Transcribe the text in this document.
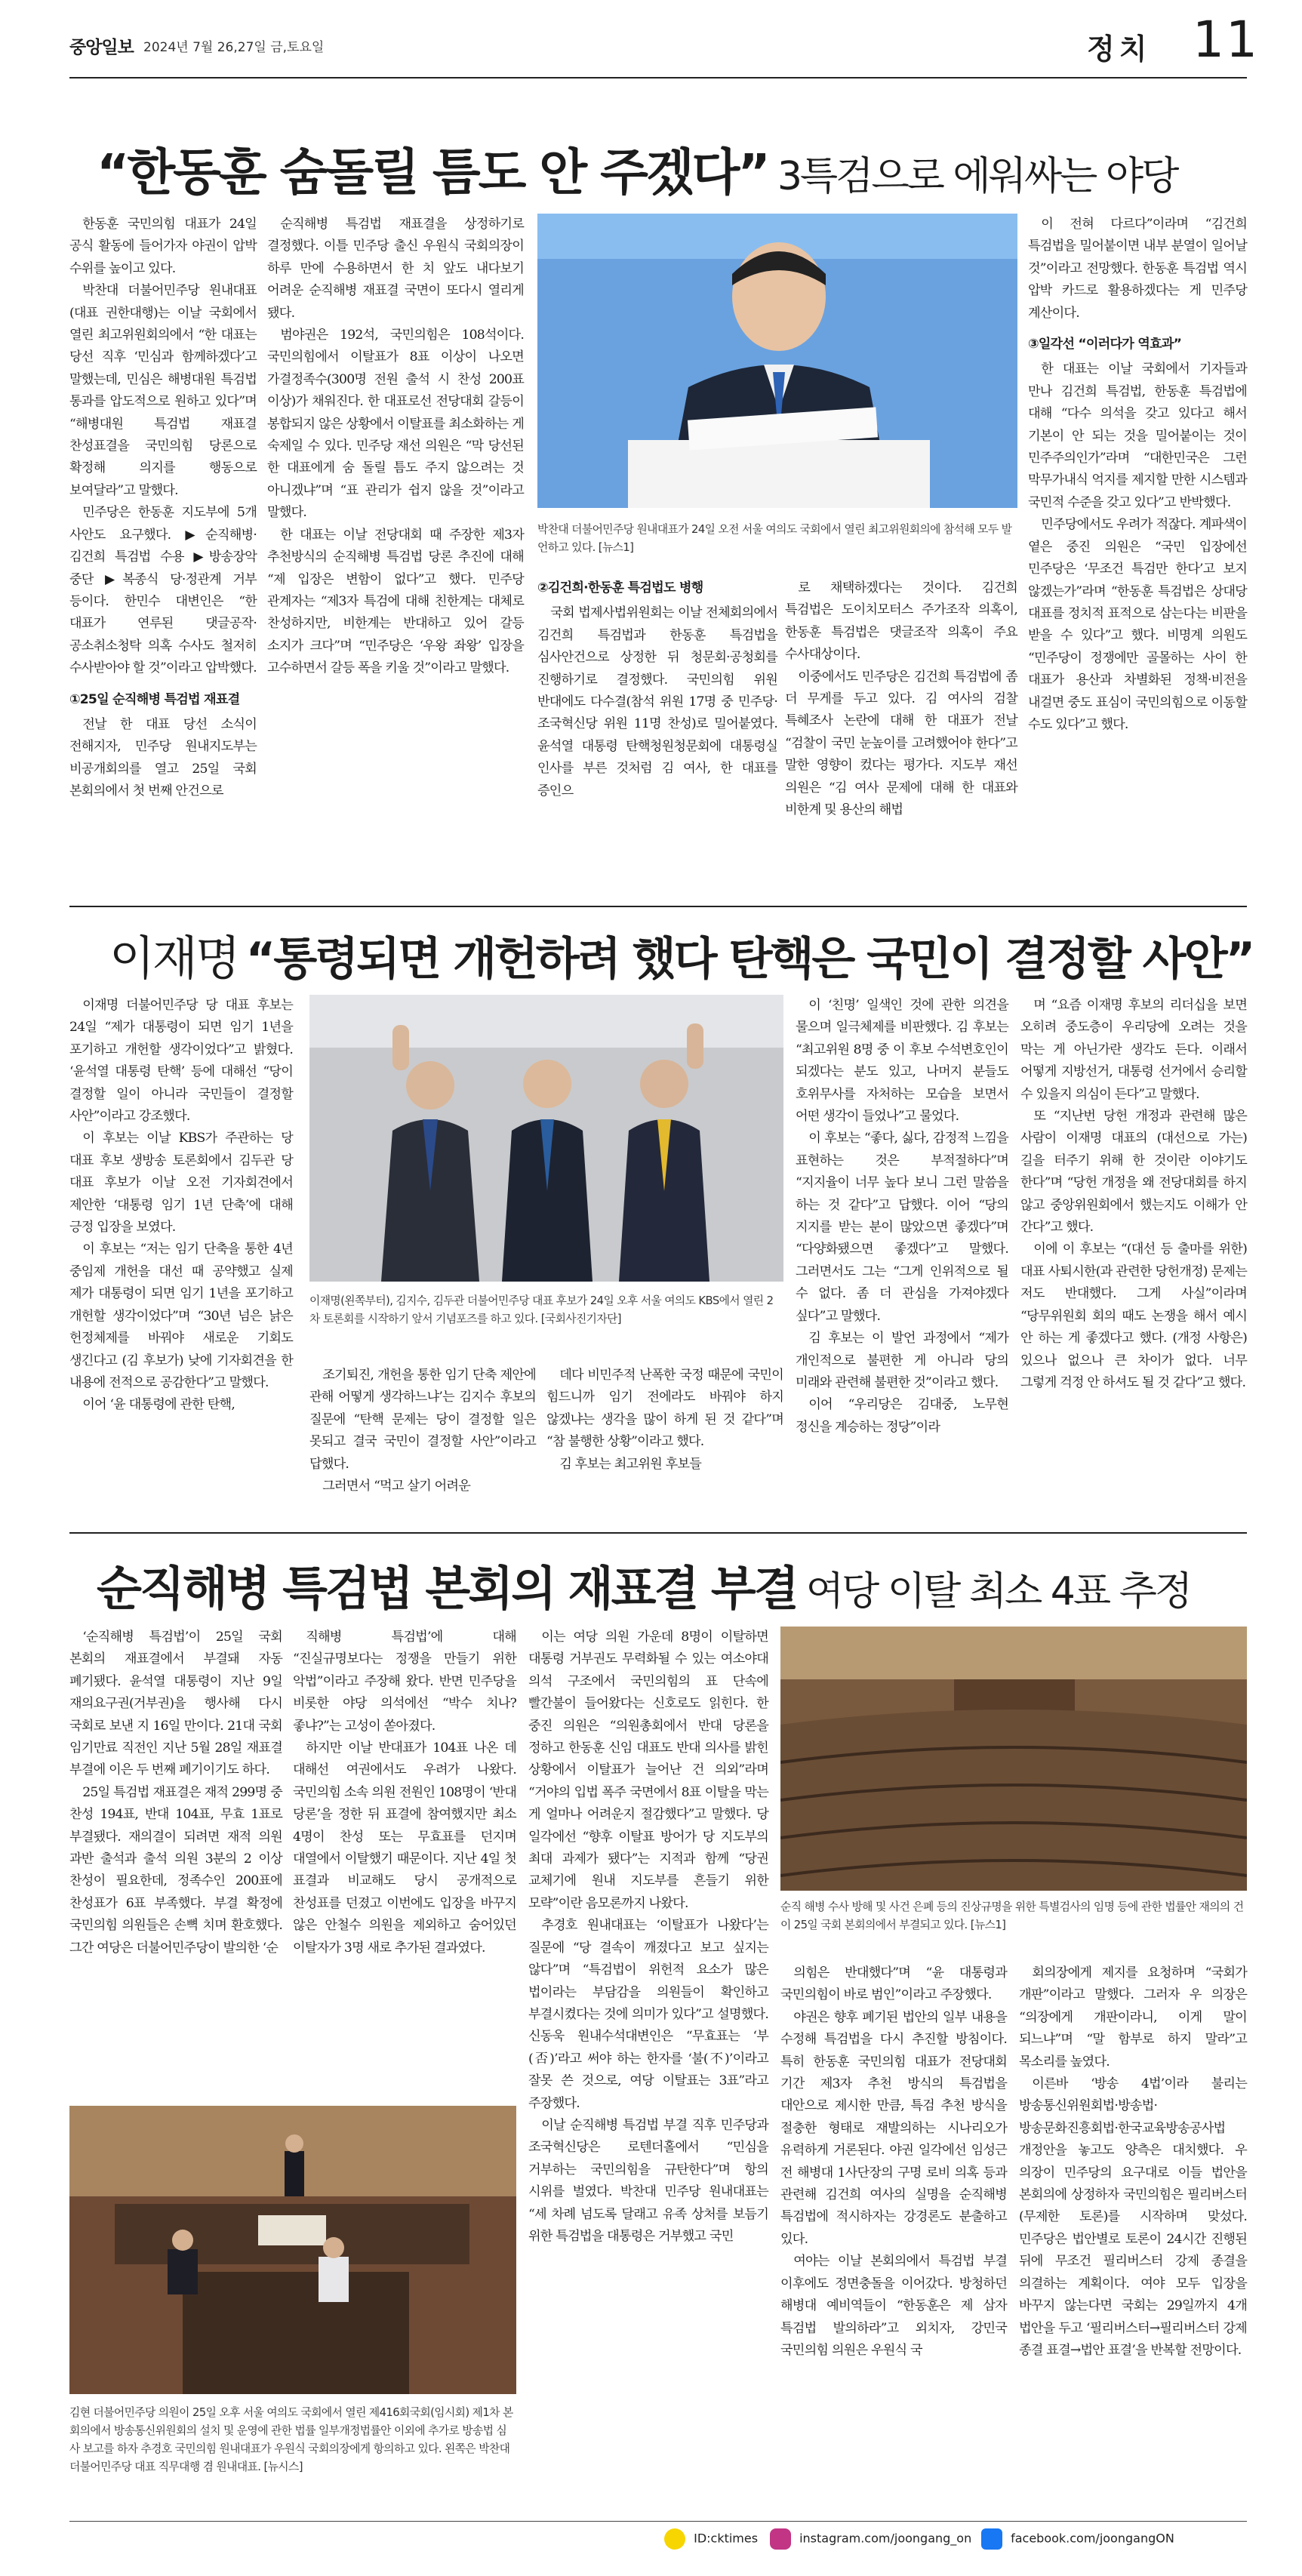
중앙일보 2024년 7월 26,27일 금,토요일	정치 11
“한동훈 숨돌릴 틈도 안 주겠다” 3특검으로 에워싸는 야당

한동훈 국민의힘 대표가 24일 공식 활동에 들어가자 야권이 압박 수위를 높이고 있다.

박찬대 더불어민주당 원내대표(대표 권한대행)는 이날 국회에서 열린 최고위원회의에서 “한 대표는 당선 직후 ‘민심과 함께하겠다’고 말했는데, 민심은 해병대원 특검법 통과를 압도적으로 원하고 있다”며 “해병대원 특검법 재표결 찬성표결을 국민의힘 당론으로 확정해 의지를 행동으로 보여달라”고 말했다.

민주당은 한동훈 지도부에 5개 사안도 요구했다. ▶순직해병·김건희 특검법 수용 ▶방송장악 중단 ▶복종식 당·정관계 거부 등이다. 한민수 대변인은 “한 대표가 연루된 댓글공작·공소취소청탁 의혹 수사도 철저히 수사받아야 할 것”이라고 압박했다.

①25일 순직해병 특검법 재표결

전날 한 대표 당선 소식이 전해지자, 민주당 원내지도부는 비공개회의를 열고 25일 국회 본회의에서 첫 번째 안건으로

순직해병 특검법 재표결을 상정하기로 결정했다. 이틀 민주당 출신 우원식 국회의장이 하루 만에 수용하면서 한 치 앞도 내다보기 어려운 순직해병 재표결 국면이 또다시 열리게 됐다.

범야권은 192석, 국민의힘은 108석이다. 국민의힘에서 이탈표가 8표 이상이 나오면 가결정족수(300명 전원 출석 시 찬성 200표 이상)가 채워진다. 한 대표로선 전당대회 갈등이 봉합되지 않은 상황에서 이탈표를 최소화하는 게 숙제일 수 있다. 민주당 재선 의원은 “막 당선된 한 대표에게 숨 돌릴 틈도 주지 않으려는 것 아니겠냐”며 “표 관리가 쉽지 않을 것”이라고 말했다.

한 대표는 이날 전당대회 때 주장한 제3자 추천방식의 순직해병 특검법 당론 추진에 대해 “제 입장은 변함이 없다”고 했다. 민주당 관계자는 “제3자 특검에 대해 친한계는 대체로 찬성하지만, 비한계는 반대하고 있어 갈등 소지가 크다”며 “민주당은 ‘우왕 좌왕’ 입장을 고수하면서 갈등 폭을 키울 것”이라고 말했다.

박찬대 더불어민주당 원내대표가 24일 오전 서울 여의도 국회에서 열린 최고위원회의에 참석해 모두 발언하고 있다. [뉴스1]

②김건희·한동훈 특검법도 병행

국회 법제사법위원회는 이날 전체회의에서 김건희 특검법과 한동훈 특검법을 심사안건으로 상정한 뒤 청문회·공청회를 진행하기로 결정했다. 국민의힘 위원 반대에도 다수결(참석 위원 17명 중 민주당·조국혁신당 위원 11명 찬성)로 밀어붙였다. 윤석열 대통령 탄핵청원청문회에 대통령실 인사를 부른 것처럼 김 여사, 한 대표를 증인으

로 채택하겠다는 것이다. 김건희 특검법은 도이치모터스 주가조작 의혹이, 한동훈 특검법은 댓글조작 의혹이 주요 수사대상이다.

이중에서도 민주당은 김건희 특검법에 좀 더 무게를 두고 있다. 김 여사의 검찰 특혜조사 논란에 대해 한 대표가 전날 “검찰이 국민 눈높이를 고려했어야 한다”고 말한 영향이 컸다는 평가다. 지도부 재선 의원은 “김 여사 문제에 대해 한 대표와 비한계 및 용산의 해법

이 전혀 다르다”이라며 “김건희 특검법을 밀어붙이면 내부 분열이 일어날 것”이라고 전망했다. 한동훈 특검법 역시 압박 카드로 활용하겠다는 게 민주당 계산이다.

③일각선 “이러다가 역효과”

한 대표는 이날 국회에서 기자들과 만나 김건희 특검법, 한동훈 특검법에 대해 “다수 의석을 갖고 있다고 해서 기본이 안 되는 것을 밀어붙이는 것이 민주주의인가”라며 “대한민국은 그런 막무가내식 억지를 제지할 만한 시스템과 국민적 수준을 갖고 있다”고 반박했다.

민주당에서도 우려가 적잖다. 계파색이 옅은 중진 의원은 “국민 입장에선 민주당은 ‘무조건 특검만 한다’고 보지 않겠는가”라며 “한동훈 특검법은 상대당 대표를 정치적 표적으로 삼는다는 비판을 받을 수 있다”고 했다. 비명계 의원도 “민주당이 정쟁에만 골몰하는 사이 한 대표가 용산과 차별화된 정책·비전을 내걸면 중도 표심이 국민의힘으로 이동할 수도 있다”고 했다.

이재명 “통령되면 개헌하려 했다 탄핵은 국민이 결정할 사안”

이재명 더불어민주당 당 대표 후보는 24일 “제가 대통령이 되면 임기 1년을 포기하고 개헌할 생각이었다”고 밝혔다. ‘윤석열 대통령 탄핵’ 등에 대해선 “당이 결정할 일이 아니라 국민들이 결정할 사안”이라고 강조했다.

이 후보는 이날 KBS가 주관하는 당 대표 후보 생방송 토론회에서 김두관 당 대표 후보가 이날 오전 기자회견에서 제안한 ‘대통령 임기 1년 단축’에 대해 긍정 입장을 보였다.

이 후보는 “저는 임기 단축을 통한 4년 중임제 개헌을 대선 때 공약했고 실제 제가 대통령이 되면 임기 1년을 포기하고 개헌할 생각이었다”며 “30년 넘은 낡은 헌정체제를 바꿔야 새로운 기회도 생긴다고 (김 후보가) 낮에 기자회견을 한 내용에 전적으로 공감한다”고 말했다.

이어 ‘윤 대통령에 관한 탄핵,

이재명(왼쪽부터), 김지수, 김두관 더불어민주당 대표 후보가 24일 오후 서울 여의도 KBS에서 열린 2차 토론회를 시작하기 앞서 기념포즈를 하고 있다. [국회사진기자단]

조기퇴진, 개헌을 통한 임기 단축 제안에 관해 어떻게 생각하느냐’는 김지수 후보의 질문에 “탄핵 문제는 당이 결정할 일은 못되고 결국 국민이 결정할 사안”이라고 답했다.

그러면서 “먹고 살기 어려운

데다 비민주적 난폭한 국정 때문에 국민이 힘드니까 임기 전에라도 바꿔야 하지 않겠냐는 생각을 많이 하게 된 것 같다”며 “참 불행한 상황”이라고 했다.

김 후보는 최고위원 후보들

이 ‘친명’ 일색인 것에 관한 의견을 물으며 일극체제를 비판했다. 김 후보는 “최고위원 8명 중 이 후보 수석변호인이 되겠다는 분도 있고, 나머지 분들도 호위무사를 자처하는 모습을 보면서 어떤 생각이 들었나”고 물었다.

이 후보는 “좋다, 싫다, 감정적 느낌을 표현하는 것은 부적절하다”며 “지지율이 너무 높다 보니 그런 말씀을 하는 것 같다”고 답했다. 이어 “당의 지지를 받는 분이 많았으면 좋겠다”며 “다양화됐으면 좋겠다”고 말했다. 그러면서도 그는 “그게 인위적으로 될 수 없다. 좀 더 관심을 가져야겠다 싶다”고 말했다.

김 후보는 이 발언 과정에서 “제가 개인적으로 불편한 게 아니라 당의 미래와 관련해 불편한 것”이라고 했다.

이어 “우리당은 김대중, 노무현 정신을 계승하는 정당”이라

며 “요즘 이재명 후보의 리더십을 보면 오히려 중도층이 우리당에 오려는 것을 막는 게 아닌가란 생각도 든다. 이래서 어떻게 지방선거, 대통령 선거에서 승리할 수 있을지 의심이 든다”고 말했다.

또 “지난번 당헌 개정과 관련해 많은 사람이 이재명 대표의 (대선으로 가는) 길을 터주기 위해 한 것이란 이야기도 한다”며 “당헌 개정을 왜 전당대회를 하지 않고 중앙위원회에서 했는지도 이해가 안 간다”고 했다.

이에 이 후보는 “(대선 등 출마를 위한)대표 사퇴시한(과 관련한 당헌개정) 문제는 저도 반대했다. 그게 사실”이라며 “당무위원회 회의 때도 논쟁을 해서 예시 안 하는 게 좋겠다고 했다. (개정 사항은) 있으나 없으나 큰 차이가 없다. 너무 그렇게 걱정 안 하셔도 될 것 같다”고 했다.

순직해병 특검법 본회의 재표결 부결 여당 이탈 최소 4표 추정

‘순직해병 특검법’이 25일 국회 본회의 재표결에서 부결돼 자동 폐기됐다. 윤석열 대통령이 지난 9일 재의요구권(거부권)을 행사해 다시 국회로 보낸 지 16일 만이다. 21대 국회 임기만료 직전인 지난 5월 28일 재표결 부결에 이은 두 번째 폐기이기도 하다.

25일 특검법 재표결은 재적 299명 중 찬성 194표, 반대 104표, 무효 1표로 부결됐다. 재의결이 되려면 재적 의원 과반 출석과 출석 의원 3분의 2 이상 찬성이 필요한데, 정족수인 200표에 찬성표가 6표 부족했다. 부결 확정에 국민의힘 의원들은 손뼉 치며 환호했다. 그간 여당은 더불어민주당이 발의한 ‘순

직해병 특검법’에 대해 “진실규명보다는 정쟁을 만들기 위한 악법”이라고 주장해 왔다. 반면 민주당을 비롯한 야당 의석에선 “박수 치나? 좋냐?”는 고성이 쏟아졌다.

하지만 이날 반대표가 104표 나온 데 대해선 여권에서도 우려가 나왔다. 국민의힘 소속 의원 전원인 108명이 ‘반대 당론’을 정한 뒤 표결에 참여했지만 최소 4명이 찬성 또는 무효표를 던지며 대열에서 이탈했기 때문이다. 지난 4일 첫 표결과 비교해도 당시 공개적으로 찬성표를 던졌고 이번에도 입장을 바꾸지 않은 안철수 의원을 제외하고 숨어있던 이탈자가 3명 새로 추가된 결과였다.

김현 더불어민주당 의원이 25일 오후 서울 여의도 국회에서 열린 제416회국회(임시회) 제1차 본회의에서 방송통신위원회의 설치 및 운영에 관한 법률 일부개정법률안 이외에 추가로 방송법 심사 보고를 하자 추경호 국민의힘 원내대표가 우원식 국회의장에게 항의하고 있다. 왼쪽은 박찬대 더불어민주당 대표 직무대행 겸 원내대표. [뉴시스]

이는 여당 의원 가운데 8명이 이탈하면 대통령 거부권도 무력화될 수 있는 여소야대 의석 구조에서 국민의힘의 표 단속에 빨간불이 들어왔다는 신호로도 읽힌다. 한 중진 의원은 “의원총회에서 반대 당론을 정하고 한동훈 신임 대표도 반대 의사를 밝힌 상황에서 이탈표가 늘어난 건 의외”라며 “거야의 입법 폭주 국면에서 8표 이탈을 막는 게 얼마나 어려운지 절감했다”고 말했다. 당 일각에선 “향후 이탈표 방어가 당 지도부의 최대 과제가 됐다”는 지적과 함께 “당권 교체기에 원내 지도부를 흔들기 위한 모략”이란 음모론까지 나왔다.

추경호 원내대표는 ‘이탈표가 나왔다’는 질문에 “당 결속이 깨졌다고 보고 싶지는 않다”며 “특검법이 위헌적 요소가 많은 법이라는 부담감을 의원들이 확인하고 부결시켰다는 것에 의미가 있다”고 설명했다. 신동욱 원내수석대변인은 “무효표는 ‘부(否)’라고 써야 하는 한자를 ‘불(不)’이라고 잘못 쓴 것으로, 여당 이탈표는 3표”라고 주장했다.

이날 순직해병 특검법 부결 직후 민주당과 조국혁신당은 로텐더홀에서 “민심을 거부하는 국민의힘을 규탄한다”며 항의 시위를 벌였다. 박찬대 민주당 원내대표는 “세 차례 넘도록 달래고 유족 상처를 보듬기 위한 특검법을 대통령은 거부했고 국민

순직 해병 수사 방해 및 사건 은폐 등의 진상규명을 위한 특별검사의 임명 등에 관한 법률안 재의의 건이 25일 국회 본회의에서 부결되고 있다. [뉴스1]

의힘은 반대했다”며 “윤 대통령과 국민의힘이 바로 범인”이라고 주장했다.

야권은 향후 폐기된 법안의 일부 내용을 수정해 특검법을 다시 추진할 방침이다. 특히 한동훈 국민의힘 대표가 전당대회 기간 제3자 추천 방식의 특검법을 대안으로 제시한 만큼, 특검 추천 방식을 절충한 형태로 재발의하는 시나리오가 유력하게 거론된다. 야권 일각에선 임성근 전 해병대 1사단장의 구명 로비 의혹 등과 관련해 김건희 여사의 실명을 순직해병 특검법에 적시하자는 강경론도 분출하고 있다.

여야는 이날 본회의에서 특검법 부결 이후에도 정면충돌을 이어갔다. 방청하던 해병대 예비역들이 “한동훈은 제 삼자 특검법 발의하라”고 외치자, 강민국 국민의힘 의원은 우원식 국

회의장에게 제지를 요청하며 “국회가 개판”이라고 말했다. 그러자 우 의장은 “의장에게 개판이라니, 이게 말이 되느냐”며 “말 함부로 하지 말라”고 목소리를 높였다.

이른바 ‘방송 4법’이라 불리는 방송통신위원회법·방송법·방송문화진흥회법·한국교육방송공사법 개정안을 놓고도 양측은 대치했다. 우 의장이 민주당의 요구대로 이들 법안을 본회의에 상정하자 국민의힘은 필리버스터(무제한 토론)를 시작하며 맞섰다. 민주당은 법안별로 토론이 24시간 진행된 뒤에 무조건 필리버스터 강제 종결을 의결하는 계획이다. 여야 모두 입장을 바꾸지 않는다면 국회는 29일까지 4개 법안을 두고 ‘필리버스터→필리버스터 강제 종결 표결→법안 표결’을 반복할 전망이다.

ID:cktimes	instagram.com/joongang_on	facebook.com/joongangON
